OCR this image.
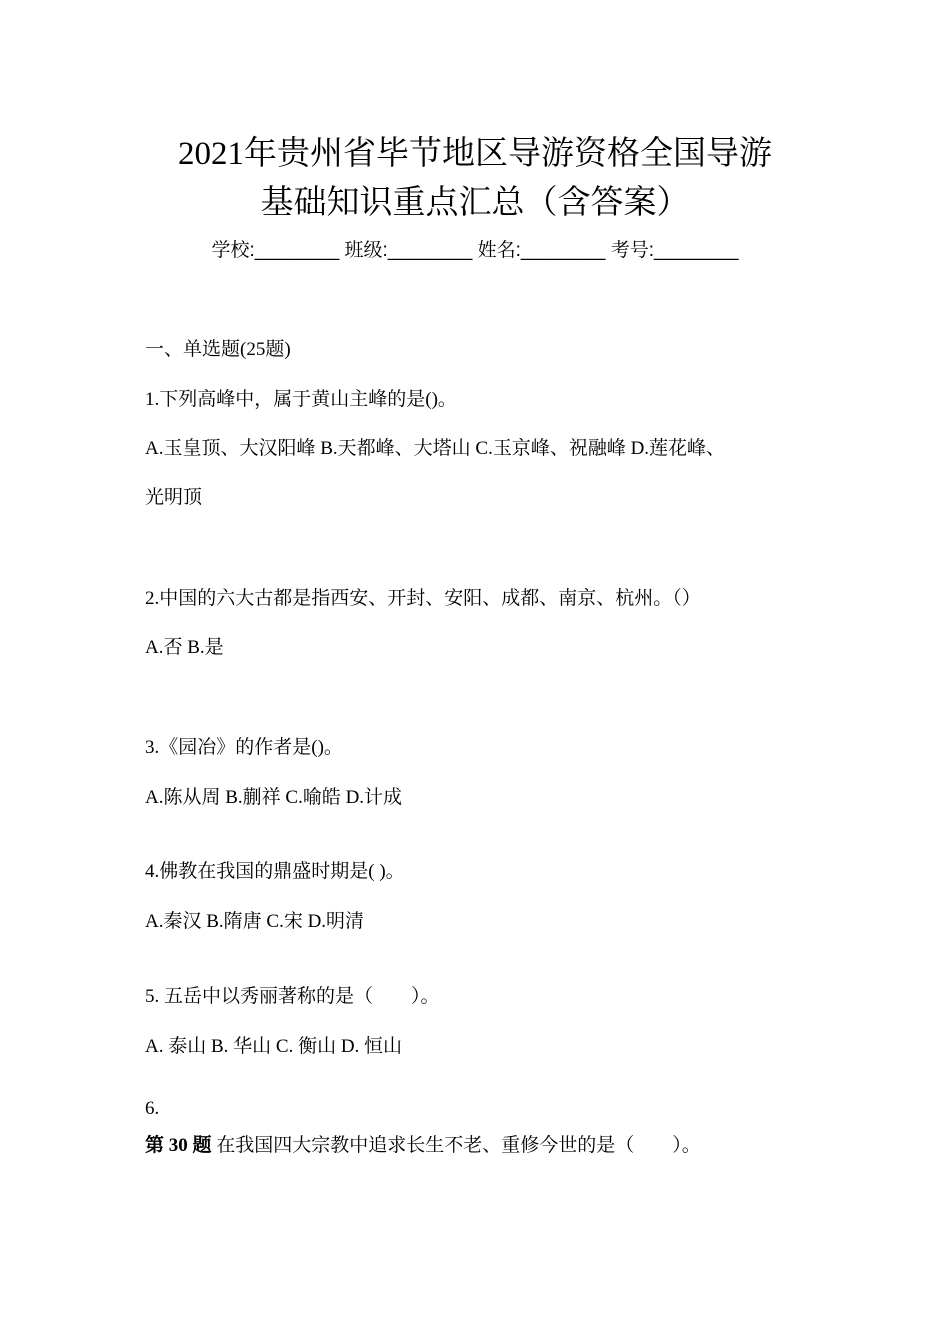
2021年贵州省毕节地区导游资格全国导游
基础知识重点汇总（含答案）
学校:________ 班级:________ 姓名:________ 考号:________
一、单选题(25题)
1.下列高峰中，属于黄山主峰的是()。
A.玉皇顶、大汉阳峰 B.天都峰、大塔山 C.玉京峰、祝融峰 D.莲花峰、
光明顶
2.中国的六大古都是指西安、开封、安阳、成都、南京、杭州。（）
A.否 B.是
3.《园冶》的作者是()。
A.陈从周 B.蒯祥 C.喻皓 D.计成
4.佛教在我国的鼎盛时期是( )。
A.秦汉 B.隋唐 C.宋 D.明清
5. 五岳中以秀丽著称的是（　　）。
A. 泰山 B. 华山 C. 衡山 D. 恒山
6.
第 30 题 在我国四大宗教中追求长生不老、重修今世的是（　　）。
